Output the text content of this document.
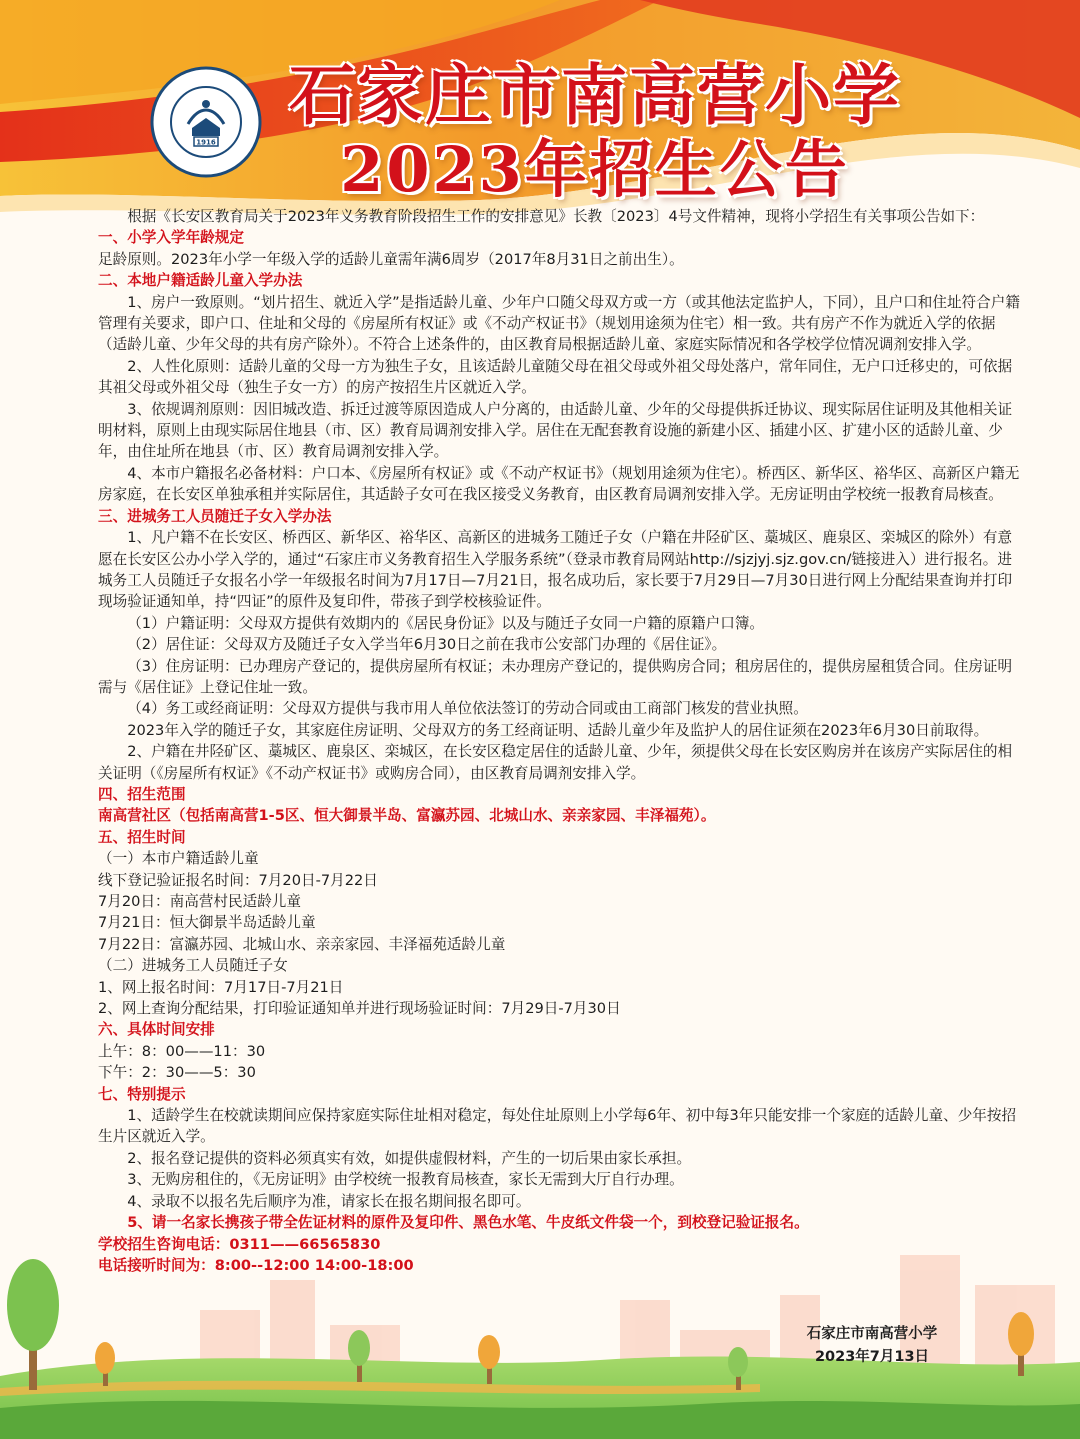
1916
石家庄市南高营小学
2023年招生公告

根据《长安区教育局关于2023年义务教育阶段招生工作的安排意见》长教〔2023〕4号文件精神，现将小学招生有关事项公告如下：

一、小学入学年龄规定

足龄原则。2023年小学一年级入学的适龄儿童需年满6周岁（2017年8月31日之前出生）。

二、本地户籍适龄儿童入学办法

1、房户一致原则。“划片招生、就近入学”是指适龄儿童、少年户口随父母双方或一方（或其他法定监护人，下同），且户口和住址符合户籍管理有关要求，即户口、住址和父母的《房屋所有权证》或《不动产权证书》（规划用途须为住宅）相一致。共有房产不作为就近入学的依据（适龄儿童、少年父母的共有房产除外）。不符合上述条件的，由区教育局根据适龄儿童、家庭实际情况和各学校学位情况调剂安排入学。

2、人性化原则：适龄儿童的父母一方为独生子女，且该适龄儿童随父母在祖父母或外祖父母处落户，常年同住，无户口迁移史的，可依据其祖父母或外祖父母（独生子女一方）的房产按招生片区就近入学。

3、依规调剂原则：因旧城改造、拆迁过渡等原因造成人户分离的，由适龄儿童、少年的父母提供拆迁协议、现实际居住证明及其他相关证明材料，原则上由现实际居住地县（市、区）教育局调剂安排入学。居住在无配套教育设施的新建小区、插建小区、扩建小区的适龄儿童、少年，由住址所在地县（市、区）教育局调剂安排入学。

4、本市户籍报名必备材料：户口本、《房屋所有权证》或《不动产权证书》（规划用途须为住宅）。桥西区、新华区、裕华区、高新区户籍无房家庭，在长安区单独承租并实际居住，其适龄子女可在我区接受义务教育，由区教育局调剂安排入学。无房证明由学校统一报教育局核查。

三、进城务工人员随迁子女入学办法

1、凡户籍不在长安区、桥西区、新华区、裕华区、高新区的进城务工随迁子女（户籍在井陉矿区、藁城区、鹿泉区、栾城区的除外）有意愿在长安区公办小学入学的，通过“石家庄市义务教育招生入学服务系统”（登录市教育局网站http://sjzjyj.sjz.gov.cn/链接进入）进行报名。进城务工人员随迁子女报名小学一年级报名时间为7月17日—7月21日，报名成功后，家长要于7月29日—7月30日进行网上分配结果查询并打印现场验证通知单，持“四证”的原件及复印件，带孩子到学校核验证件。

（1）户籍证明：父母双方提供有效期内的《居民身份证》以及与随迁子女同一户籍的原籍户口簿。

（2）居住证：父母双方及随迁子女入学当年6月30日之前在我市公安部门办理的《居住证》。

（3）住房证明：已办理房产登记的，提供房屋所有权证；未办理房产登记的，提供购房合同；租房居住的，提供房屋租赁合同。住房证明需与《居住证》上登记住址一致。

（4）务工或经商证明：父母双方提供与我市用人单位依法签订的劳动合同或由工商部门核发的营业执照。

2023年入学的随迁子女，其家庭住房证明、父母双方的务工经商证明、适龄儿童少年及监护人的居住证须在2023年6月30日前取得。

2、户籍在井陉矿区、藁城区、鹿泉区、栾城区，在长安区稳定居住的适龄儿童、少年，须提供父母在长安区购房并在该房产实际居住的相关证明（《房屋所有权证》《不动产权证书》或购房合同），由区教育局调剂安排入学。

四、招生范围

南高营社区（包括南高营1-5区、恒大御景半岛、富瀛苏园、北城山水、亲亲家园、丰泽福苑）。

五、招生时间

（一）本市户籍适龄儿童

线下登记验证报名时间：7月20日-7月22日

7月20日：南高营村民适龄儿童

7月21日：恒大御景半岛适龄儿童

7月22日：富瀛苏园、北城山水、亲亲家园、丰泽福苑适龄儿童

（二）进城务工人员随迁子女

1、网上报名时间：7月17日-7月21日

2、网上查询分配结果，打印验证通知单并进行现场验证时间：7月29日-7月30日

六、具体时间安排

上午：8：00——11：30

下午：2：30——5：30

七、特别提示

1、适龄学生在校就读期间应保持家庭实际住址相对稳定，每处住址原则上小学每6年、初中每3年只能安排一个家庭的适龄儿童、少年按招生片区就近入学。

2、报名登记提供的资料必须真实有效，如提供虚假材料，产生的一切后果由家长承担。

3、无购房租住的，《无房证明》由学校统一报教育局核查，家长无需到大厅自行办理。

4、录取不以报名先后顺序为准，请家长在报名期间报名即可。

5、请一名家长携孩子带全佐证材料的原件及复印件、黑色水笔、牛皮纸文件袋一个，到校登记验证报名。

学校招生咨询电话：0311——66565830

电话接听时间为：8:00--12:00 14:00-18:00

石家庄市南高营小学
2023年7月13日
